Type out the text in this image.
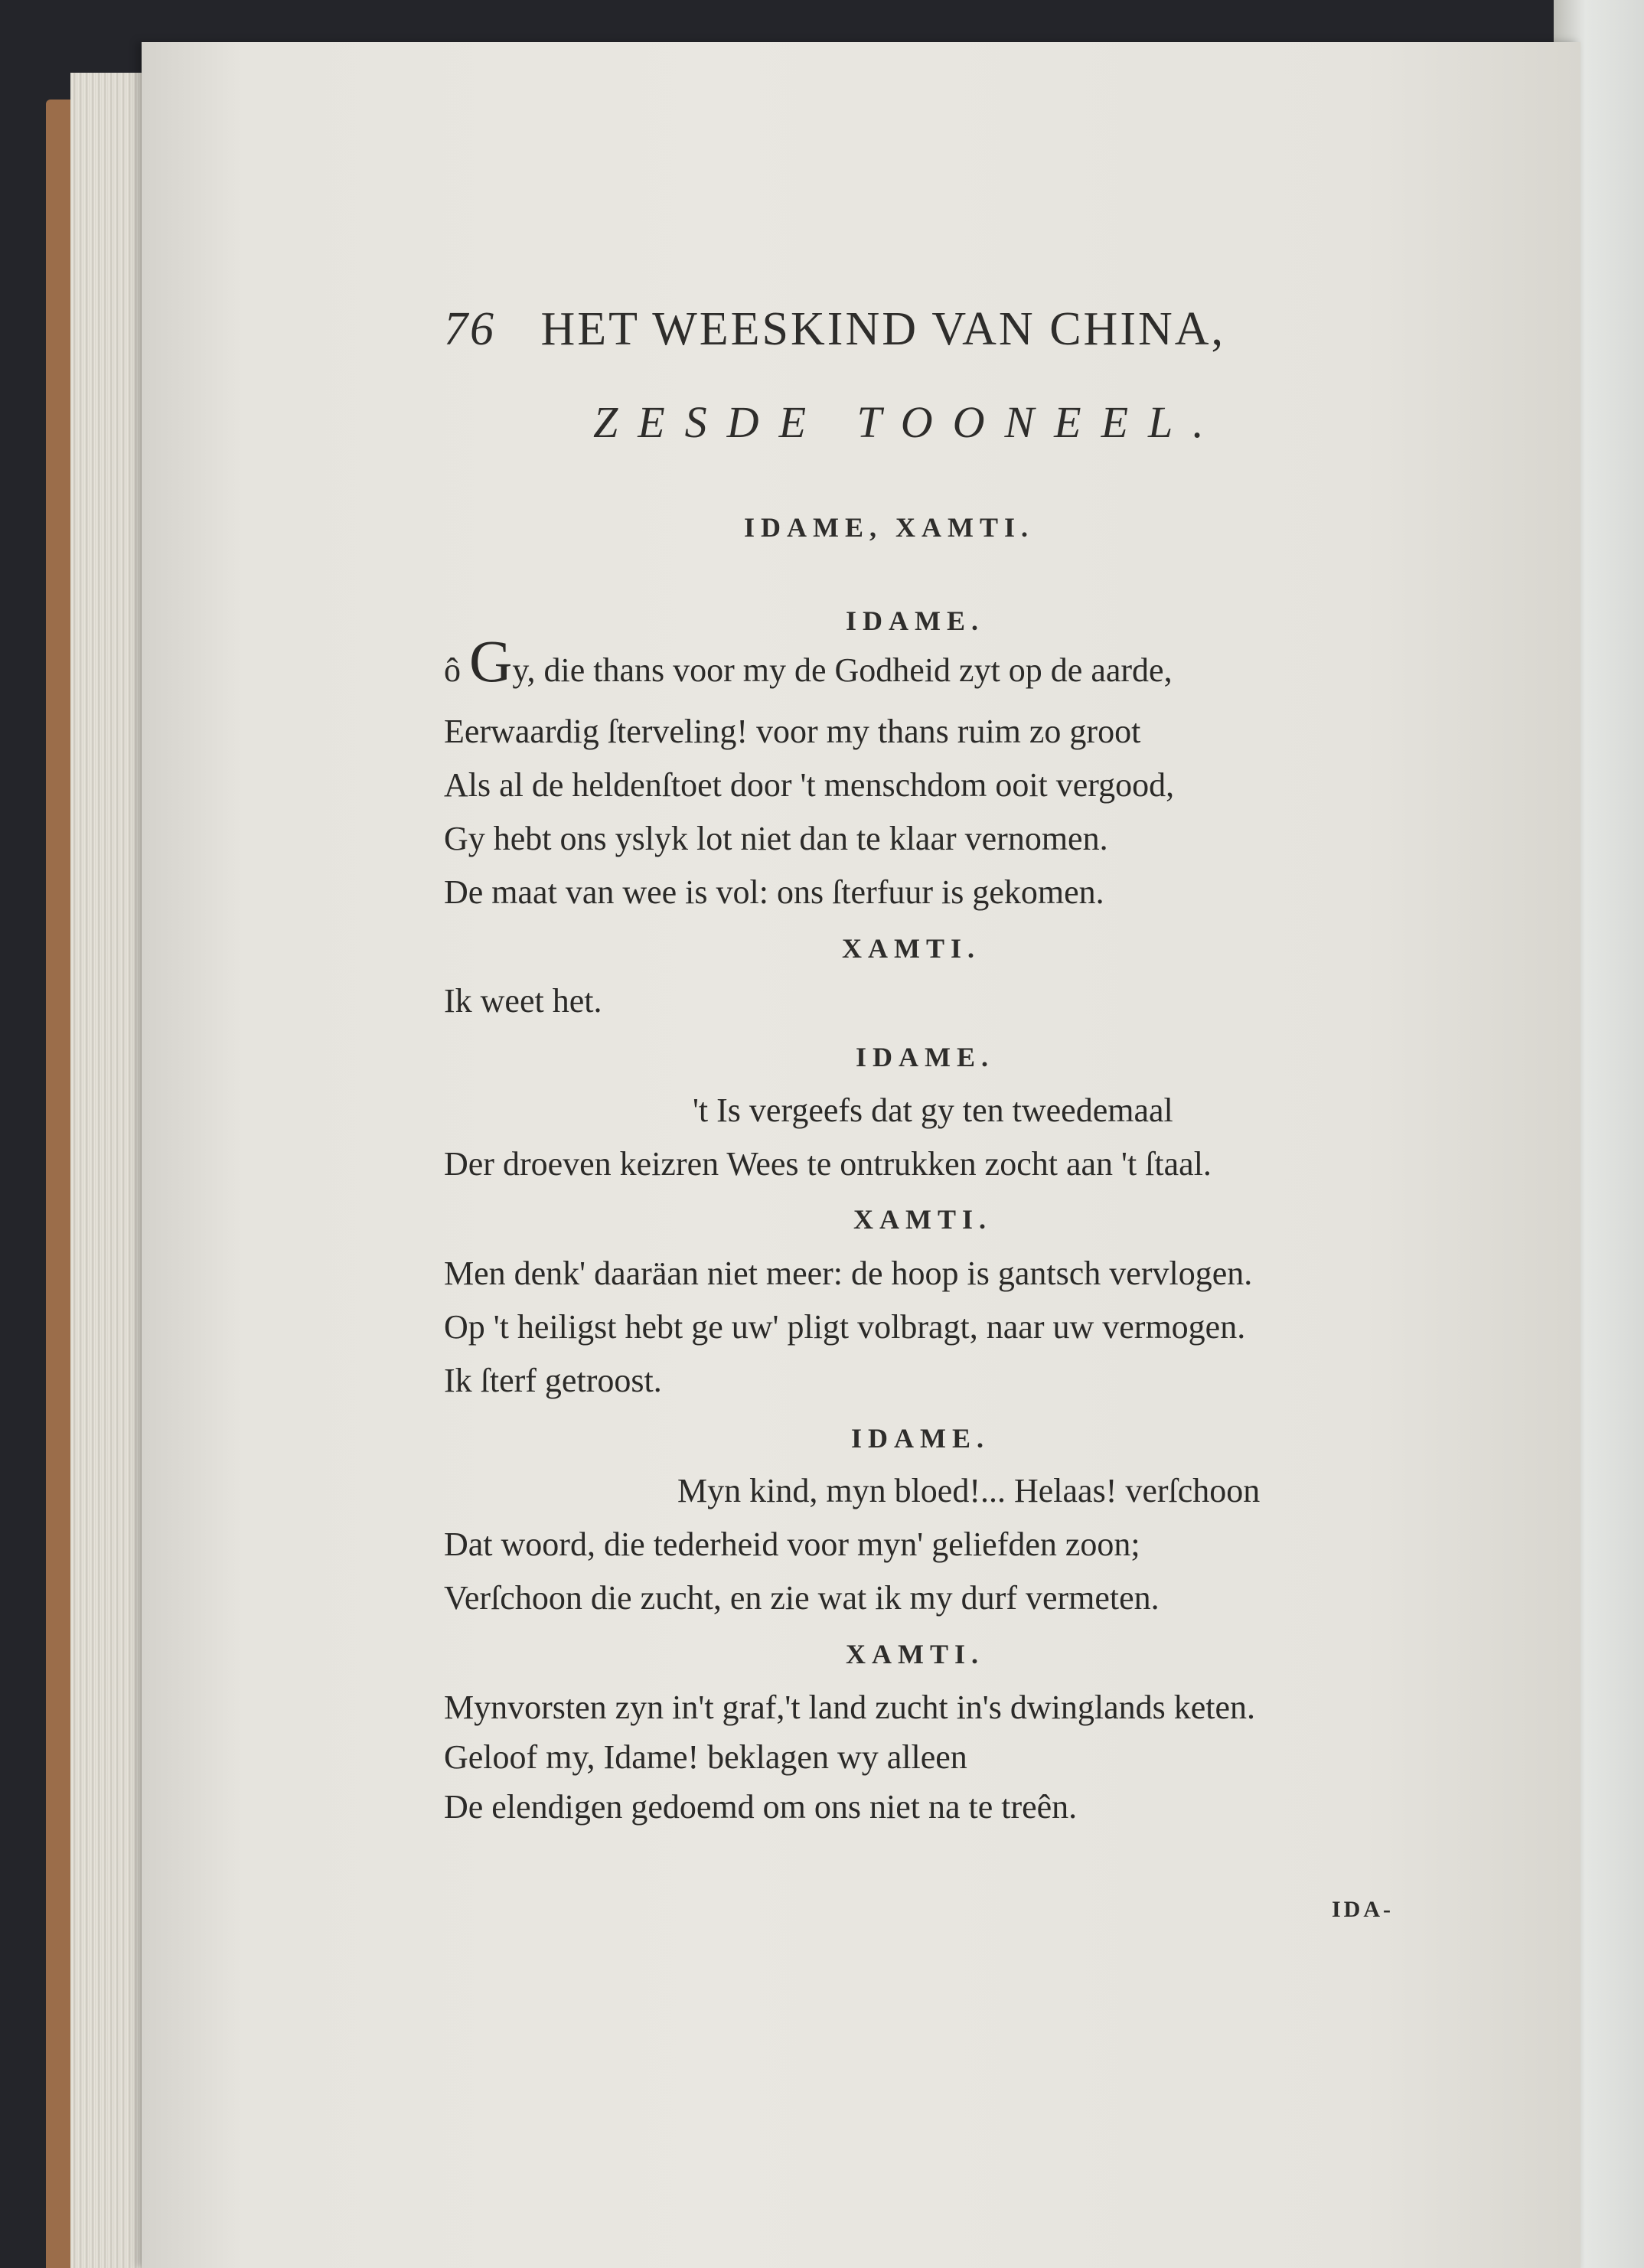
76 HET WEESKIND VAN CHINA,
ZESDE TOONEEL.
IDAME, XAMTI.
IDAME.
ô Gy, die thans voor my de Godheid zyt op de aarde,
Eerwaardig ſterveling! voor my thans ruim zo groot
Als al de heldenſtoet door 't menschdom ooit vergood,
Gy hebt ons yslyk lot niet dan te klaar vernomen.
De maat van wee is vol: ons ſterfuur is gekomen.
XAMTI.
Ik weet het.
IDAME.
't Is vergeefs dat gy ten tweedemaal
Der droeven keizren Wees te ontrukken zocht aan 't ſtaal.
XAMTI.
Men denk' daaräan niet meer: de hoop is gantsch vervlogen.
Op 't heiligst hebt ge uw' pligt volbragt, naar uw vermogen.
Ik ſterf getroost.
IDAME.
Myn kind, myn bloed!... Helaas! verſchoon
Dat woord, die tederheid voor myn' geliefden zoon;
Verſchoon die zucht, en zie wat ik my durf vermeten.
XAMTI.
Mynvorsten zyn in't graf,'t land zucht in's dwinglands keten.
Geloof my, Idame! beklagen wy alleen
De elendigen gedoemd om ons niet na te treên.
IDA-
